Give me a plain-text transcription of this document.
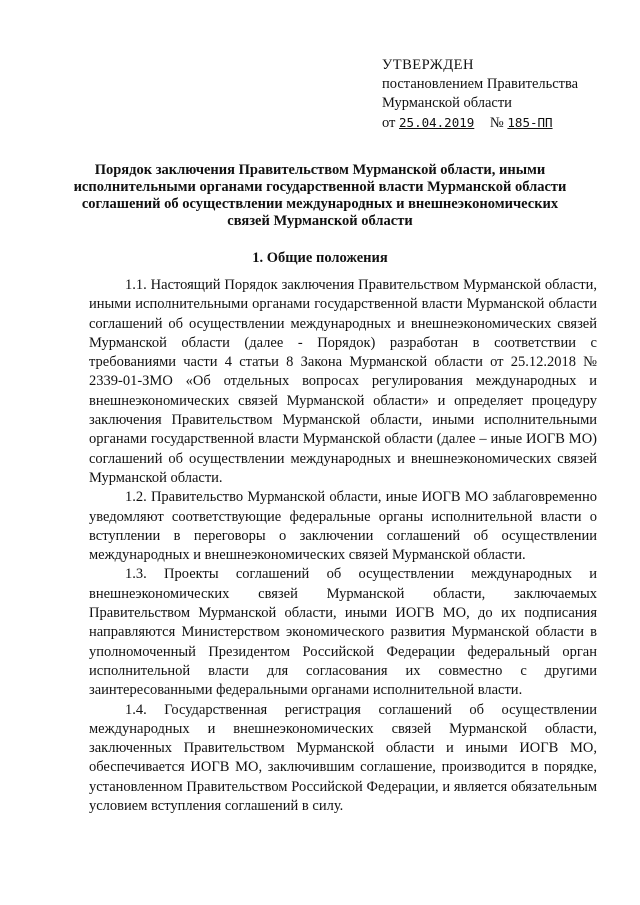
УТВЕРЖДЕН
постановлением Правительства
Мурманской области
от 25.04.2019 № 185-ПП
Порядок заключения Правительством Мурманской области, иными исполнительными органами государственной власти Мурманской области соглашений об осуществлении международных и внешнеэкономических связей Мурманской области
1. Общие положения

1.1. Настоящий Порядок заключения Правительством Мурманской области, иными исполнительными органами государственной власти Мурманской области соглашений об осуществлении международных и внешнеэкономических связей Мурманской области (далее - Порядок) разработан в соответствии с требованиями части 4 статьи 8 Закона Мурманской области от 25.12.2018 № 2339-01-ЗМО «Об отдельных вопросах регулирования международных и внешнеэкономических связей Мурманской области» и определяет процедуру заключения Правительством Мурманской области, иными исполнительными органами государственной власти Мурманской области (далее – иные ИОГВ МО) соглашений об осуществлении международных и внешнеэкономических связей Мурманской области.

1.2. Правительство Мурманской области, иные ИОГВ МО заблаговременно уведомляют соответствующие федеральные органы исполнительной власти о вступлении в переговоры о заключении соглашений об осуществлении международных и внешнеэкономических связей Мурманской области.

1.3. Проекты соглашений об осуществлении международных и внешнеэкономических связей Мурманской области, заключаемых Правительством Мурманской области, иными ИОГВ МО, до их подписания направляются Министерством экономического развития Мурманской области в уполномоченный Президентом Российской Федерации федеральный орган исполнительной власти для согласования их совместно с другими заинтересованными федеральными органами исполнительной власти.

1.4. Государственная регистрация соглашений об осуществлении международных и внешнеэкономических связей Мурманской области, заключенных Правительством Мурманской области и иными ИОГВ МО, обеспечивается ИОГВ МО, заключившим соглашение, производится в порядке, установленном Правительством Российской Федерации, и является обязательным условием вступления соглашений в силу.
